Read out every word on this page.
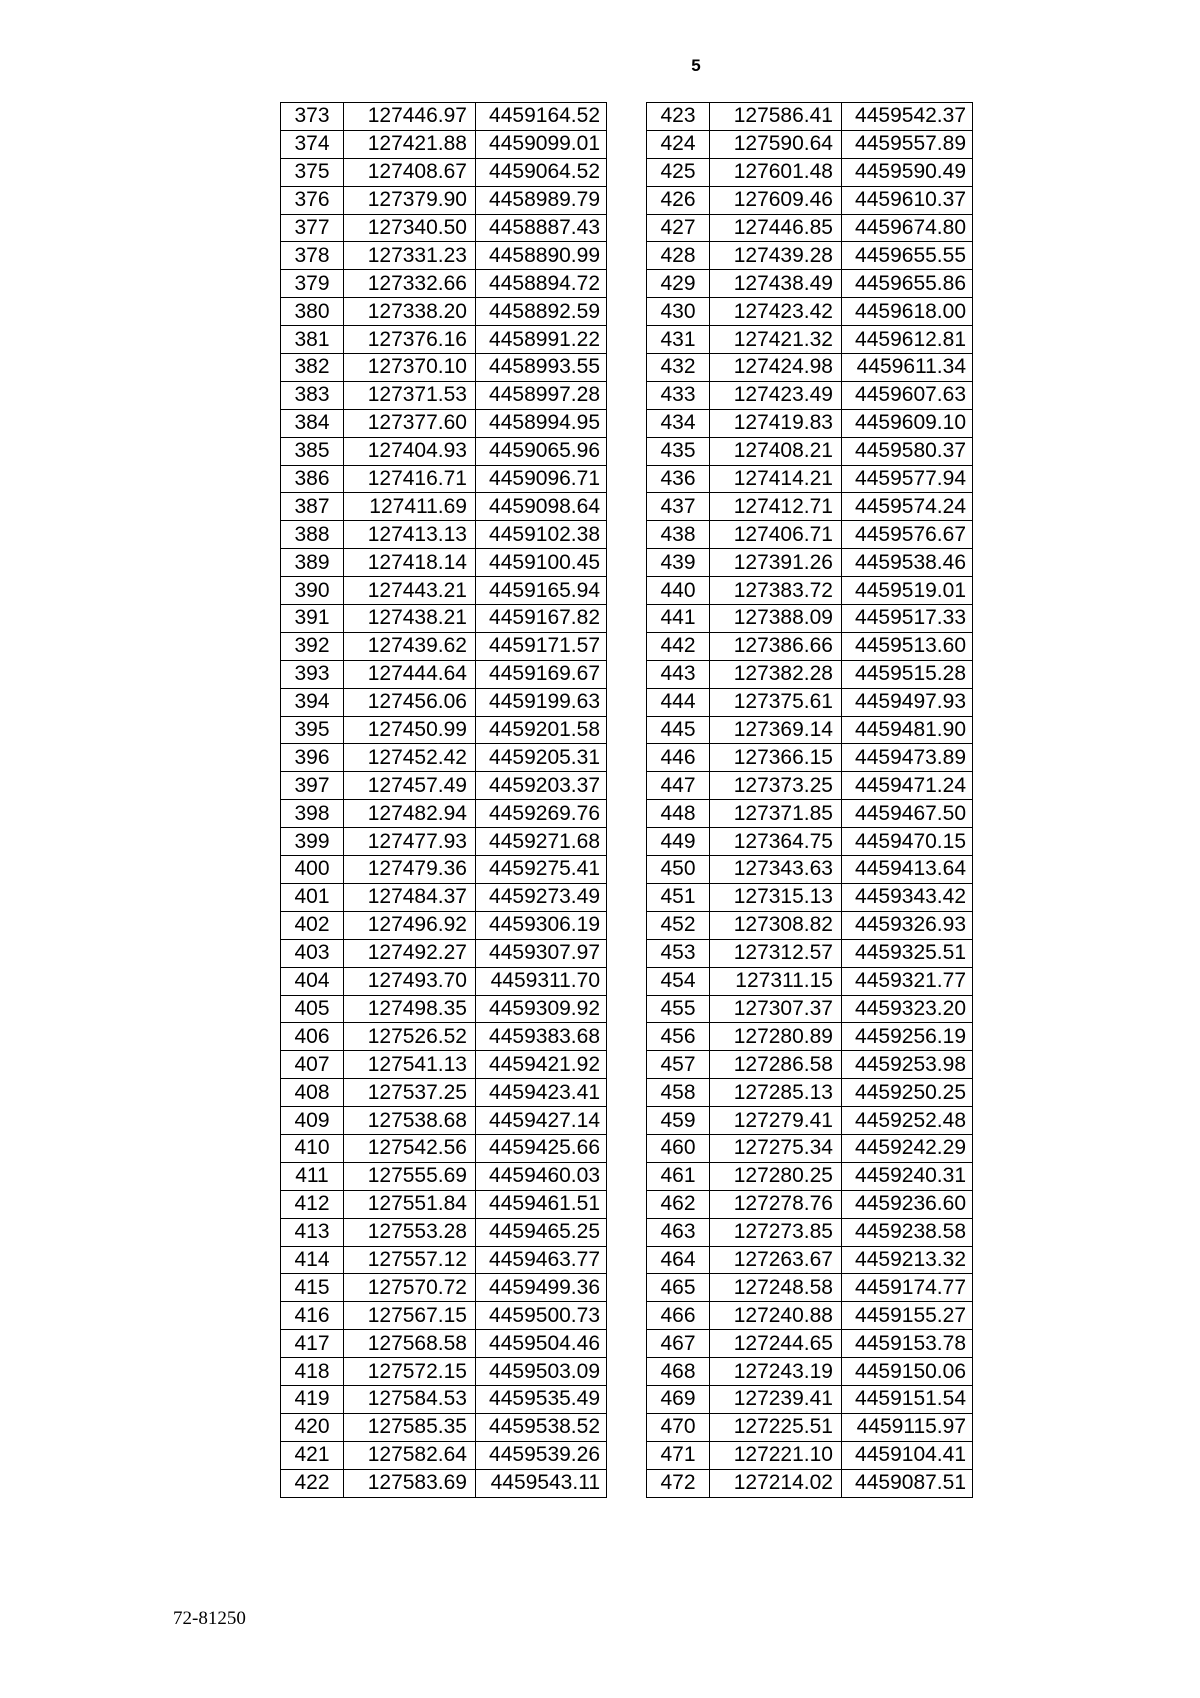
5
373	127446.97	4459164.52
374	127421.88	4459099.01
375	127408.67	4459064.52
376	127379.90	4458989.79
377	127340.50	4458887.43
378	127331.23	4458890.99
379	127332.66	4458894.72
380	127338.20	4458892.59
381	127376.16	4458991.22
382	127370.10	4458993.55
383	127371.53	4458997.28
384	127377.60	4458994.95
385	127404.93	4459065.96
386	127416.71	4459096.71
387	127411.69	4459098.64
388	127413.13	4459102.38
389	127418.14	4459100.45
390	127443.21	4459165.94
391	127438.21	4459167.82
392	127439.62	4459171.57
393	127444.64	4459169.67
394	127456.06	4459199.63
395	127450.99	4459201.58
396	127452.42	4459205.31
397	127457.49	4459203.37
398	127482.94	4459269.76
399	127477.93	4459271.68
400	127479.36	4459275.41
401	127484.37	4459273.49
402	127496.92	4459306.19
403	127492.27	4459307.97
404	127493.70	4459311.70
405	127498.35	4459309.92
406	127526.52	4459383.68
407	127541.13	4459421.92
408	127537.25	4459423.41
409	127538.68	4459427.14
410	127542.56	4459425.66
411	127555.69	4459460.03
412	127551.84	4459461.51
413	127553.28	4459465.25
414	127557.12	4459463.77
415	127570.72	4459499.36
416	127567.15	4459500.73
417	127568.58	4459504.46
418	127572.15	4459503.09
419	127584.53	4459535.49
420	127585.35	4459538.52
421	127582.64	4459539.26
422	127583.69	4459543.11
423	127586.41	4459542.37
424	127590.64	4459557.89
425	127601.48	4459590.49
426	127609.46	4459610.37
427	127446.85	4459674.80
428	127439.28	4459655.55
429	127438.49	4459655.86
430	127423.42	4459618.00
431	127421.32	4459612.81
432	127424.98	4459611.34
433	127423.49	4459607.63
434	127419.83	4459609.10
435	127408.21	4459580.37
436	127414.21	4459577.94
437	127412.71	4459574.24
438	127406.71	4459576.67
439	127391.26	4459538.46
440	127383.72	4459519.01
441	127388.09	4459517.33
442	127386.66	4459513.60
443	127382.28	4459515.28
444	127375.61	4459497.93
445	127369.14	4459481.90
446	127366.15	4459473.89
447	127373.25	4459471.24
448	127371.85	4459467.50
449	127364.75	4459470.15
450	127343.63	4459413.64
451	127315.13	4459343.42
452	127308.82	4459326.93
453	127312.57	4459325.51
454	127311.15	4459321.77
455	127307.37	4459323.20
456	127280.89	4459256.19
457	127286.58	4459253.98
458	127285.13	4459250.25
459	127279.41	4459252.48
460	127275.34	4459242.29
461	127280.25	4459240.31
462	127278.76	4459236.60
463	127273.85	4459238.58
464	127263.67	4459213.32
465	127248.58	4459174.77
466	127240.88	4459155.27
467	127244.65	4459153.78
468	127243.19	4459150.06
469	127239.41	4459151.54
470	127225.51	4459115.97
471	127221.10	4459104.41
472	127214.02	4459087.51
72-81250
